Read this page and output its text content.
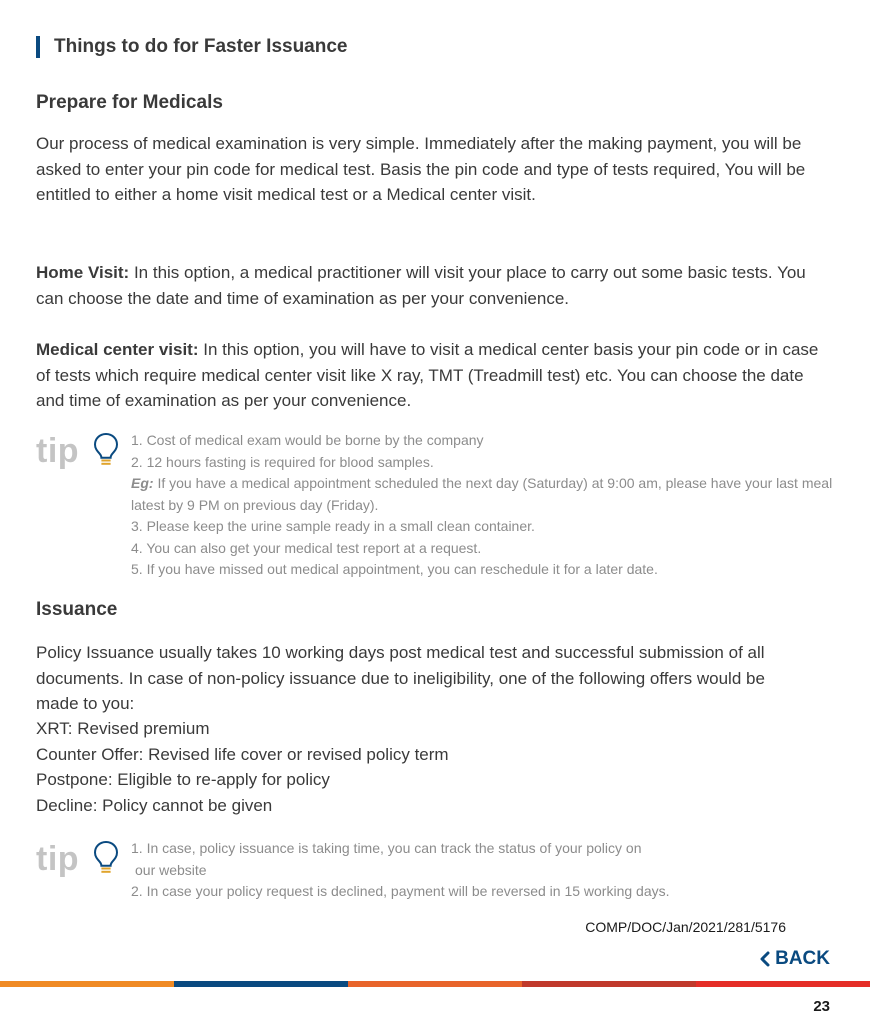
Things to do for Faster Issuance
Prepare for Medicals
Our process of medical examination is very simple. Immediately after the making payment, you will be asked to enter your pin code for medical test. Basis the pin code and type of tests required, You will be entitled to either a home visit medical test or a Medical center visit.
Home Visit: In this option, a medical practitioner will visit your place to carry out some basic tests. You can choose the date and time of examination as per your convenience.
Medical center visit: In this option, you will have to visit a medical center basis your pin code or in case of tests which require medical center visit like X ray, TMT (Treadmill test) etc. You can choose the date and time of examination as per your convenience.
tip	1. Cost of medical exam would be borne by the company
2. 12 hours fasting is required for blood samples.
Eg: If you have a medical appointment scheduled the next day (Saturday) at 9:00 am, please have your last meal latest by 9 PM on previous day (Friday).
3. Please keep the urine sample ready in a small clean container.
4. You can also get your medical test report at a request.
5. If you have missed out medical appointment, you can reschedule it for a later date.
Issuance
Policy Issuance usually takes 10 working days post medical test and successful submission of all documents. In case of non-policy issuance due to ineligibility, one of the following offers would be made to you:
XRT: Revised premium
Counter Offer: Revised life cover or revised policy term
Postpone: Eligible to re-apply for policy
Decline: Policy cannot be given
tip	1. In case, policy issuance is taking time, you can track the status of your policy on
our website
2. In case your policy request is declined, payment will be reversed in 15 working days.
COMP/DOC/Jan/2021/281/5176
BACK
23
